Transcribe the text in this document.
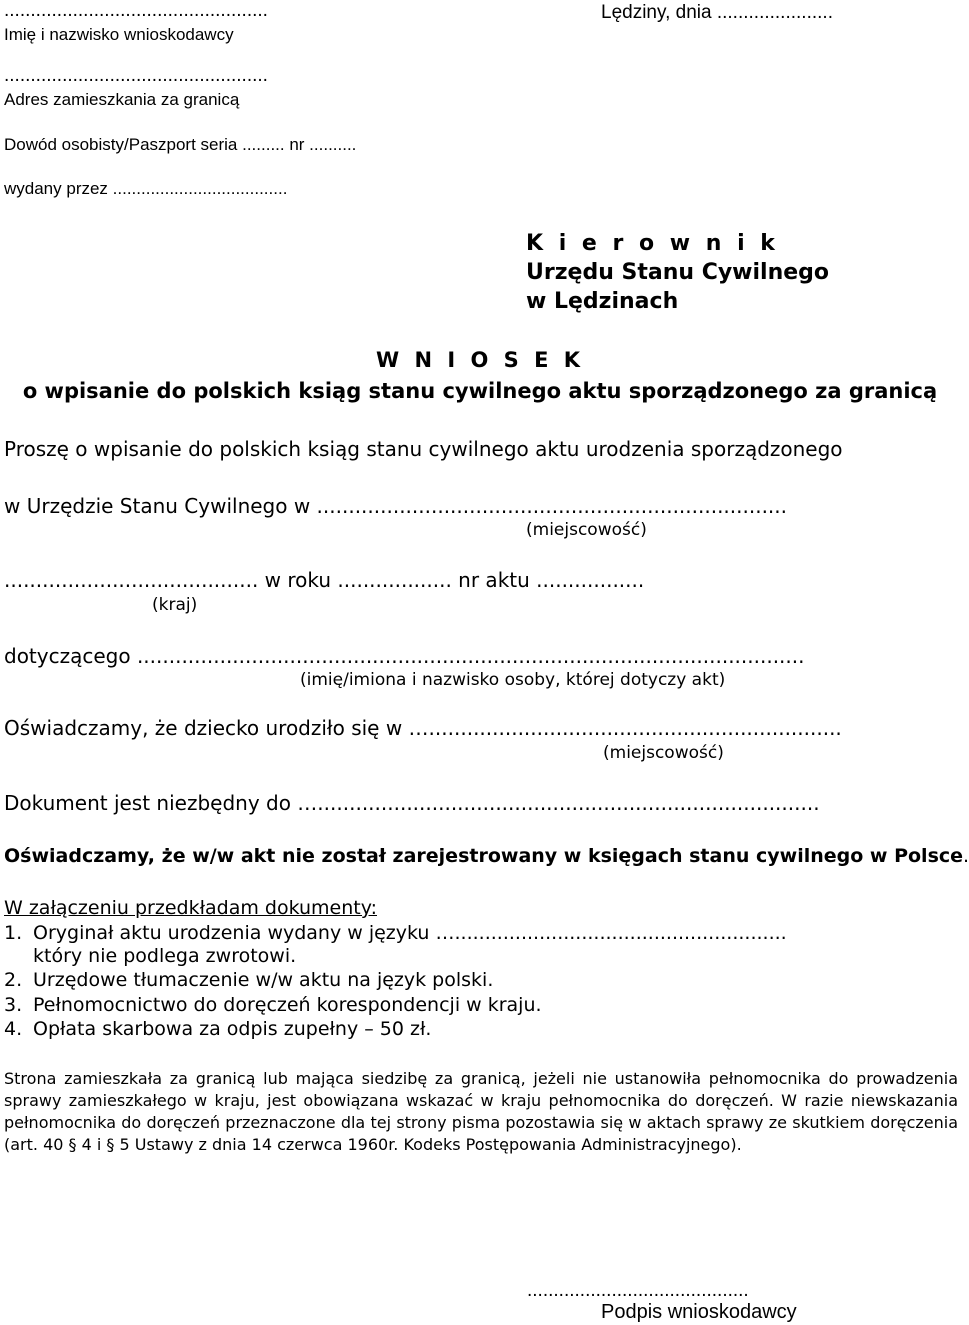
..................................................	Lędziny, dnia ......................
Imię i nazwisko wnioskodawcy
..................................................
Adres zamieszkania za granicą
Dowód osobisty/Paszport seria ......... nr ..........
wydany przez .....................................
K i e r o w n i k
Urzędu Stanu Cywilnego
w Lędzinach
W N I O S E K
o wpisanie do polskich ksiąg stanu cywilnego aktu sporządzonego za granicą
Proszę o wpisanie do polskich ksiąg stanu cywilnego aktu urodzenia sporządzonego
w Urzędzie Stanu Cywilnego w ..........................................................................
(miejscowość)
........................................ w roku .................. nr aktu .................
(kraj)
dotyczącego .........................................................................................................
(imię/imiona i nazwisko osoby, której dotyczy akt)
Oświadczamy, że dziecko urodziło się w ….................................................................
(miejscowość)
Dokument jest niezbędny do …...............................................................................
Oświadczamy, że w/w akt nie został zarejestrowany w księgach stanu cywilnego w Polsce.
W załączeniu przedkładam dokumenty:
1. Oryginał aktu urodzenia wydany w języku ….......................................................
który nie podlega zwrotowi.
2. Urzędowe tłumaczenie w/w aktu na język polski.
3. Pełnomocnictwo do doręczeń korespondencji w kraju.
4. Opłata skarbowa za odpis zupełny – 50 zł.
Strona zamieszkała za granicą lub mająca siedzibę za granicą, jeżeli nie ustanowiła pełnomocnika do prowadzenia sprawy zamieszkałego w kraju, jest obowiązana wskazać w kraju pełnomocnika do doręczeń. W razie niewskazania pełnomocnika do doręczeń przeznaczone dla tej strony pisma pozostawia się w aktach sprawy ze skutkiem doręczenia (art. 40 § 4 i § 5 Ustawy z dnia 14 czerwca 1960r. Kodeks Postępowania Administracyjnego).
..........................................
Podpis wnioskodawcy
